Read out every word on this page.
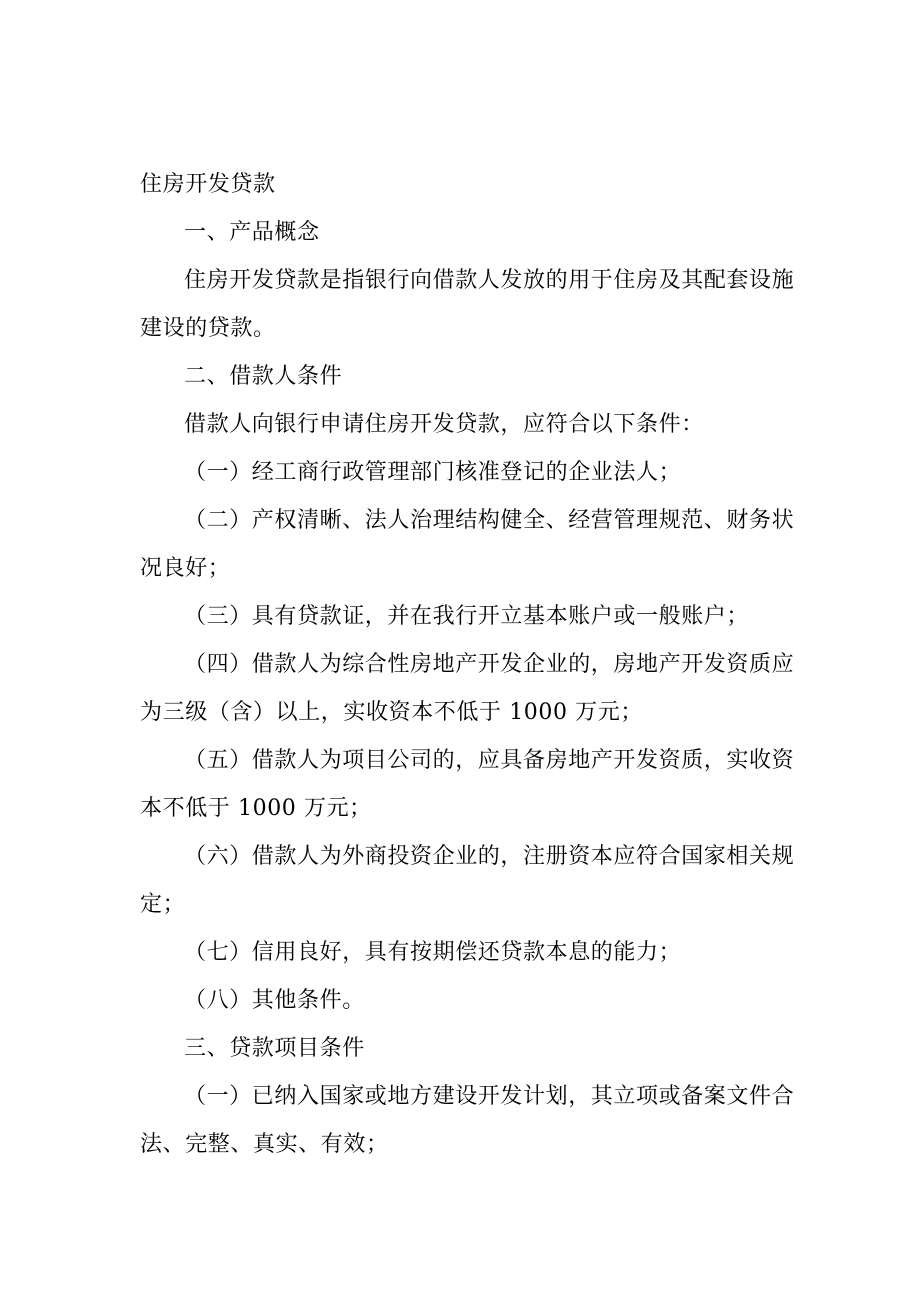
住房开发贷款
一、产品概念
住房开发贷款是指银行向借款人发放的用于住房及其配套设施
建设的贷款。
二、借款人条件
借款人向银行申请住房开发贷款，应符合以下条件：
（一）经工商行政管理部门核准登记的企业法人；
（二）产权清晰、法人治理结构健全、经营管理规范、财务状
况良好；
（三）具有贷款证，并在我行开立基本账户或一般账户；
（四）借款人为综合性房地产开发企业的，房地产开发资质应
为三级（含）以上，实收资本不低于 1000 万元；
（五）借款人为项目公司的，应具备房地产开发资质，实收资
本不低于 1000 万元；
（六）借款人为外商投资企业的，注册资本应符合国家相关规
定；
（七）信用良好，具有按期偿还贷款本息的能力；
（八）其他条件。
三、贷款项目条件
（一）已纳入国家或地方建设开发计划，其立项或备案文件合
法、完整、真实、有效；
